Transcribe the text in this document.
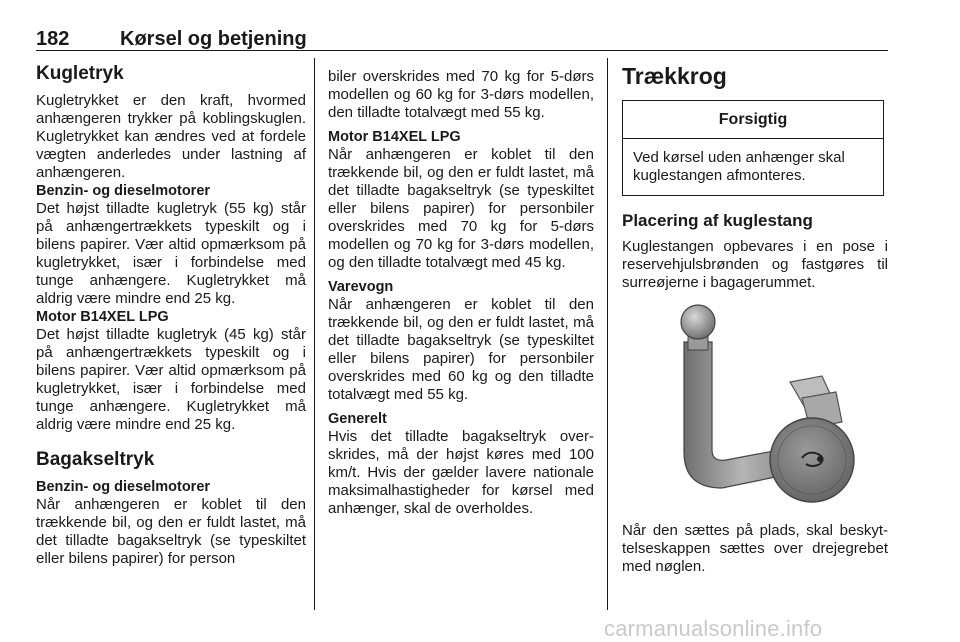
182	Kørsel og betjening
Kugletryk

Kugletrykket er den kraft, hvormed anhængeren trykker på koblingskuglen. Kugletrykket kan ændres ved at fordele vægten anderledes under lastning af anhængeren.

Benzin- og dieselmotorer

Det højst tilladte kugletryk (55 kg) står på anhængertrækkets typeskilt og i bilens papirer. Vær altid opmærksom på kugletrykket, især i forbindelse med tunge anhængere. Kugletrykket må aldrig være mindre end 25 kg.

Motor B14XEL LPG

Det højst tilladte kugletryk (45 kg) står på anhængertrækkets typeskilt og i bilens papirer. Vær altid opmærksom på kugletrykket, især i forbindelse med tunge anhængere. Kugletrykket må aldrig være mindre end 25 kg.

Bagakseltryk
Benzin- og dieselmotorer

Når anhængeren er koblet til den trækkende bil, og den er fuldt lastet, må det tilladte bagakseltryk (se typeskiltet eller bilens papirer) for person

biler overskrides med 70 kg for 5-dørs modellen og 60 kg for 3-dørs modellen, den tilladte totalvægt med 55 kg.

Motor B14XEL LPG

Når anhængeren er koblet til den trækkende bil, og den er fuldt lastet, må det tilladte bagakseltryk (se typeskiltet eller bilens papirer) for personbiler overskrides med 70 kg for 5-dørs modellen og 70 kg for 3-dørs modellen, og den tilladte totalvægt med 45 kg.

Varevogn

Når anhængeren er koblet til den trækkende bil, og den er fuldt lastet, må det tilladte bagakseltryk (se typeskiltet eller bilens papirer) for personbiler overskrides med 60 kg og den tilladte totalvægt med 55 kg.

Generelt

Hvis det tilladte bagakseltryk overskrides, må der højst køres med 100 km/t. Hvis der gælder lavere nationale maksimalhastigheder for kørsel med anhænger, skal de overholdes.

Trækkrog
Forsigtig
Ved kørsel uden anhænger skal kuglestangen afmonteres.
Placering af kuglestang

Kuglestangen opbevares i en pose i reservehjulsbrønden og fastgøres til surreøjerne i bagagerummet.

Når den sættes på plads, skal beskyttelseskappen sættes over drejegrebet med nøglen.

carmanualsonline.info
